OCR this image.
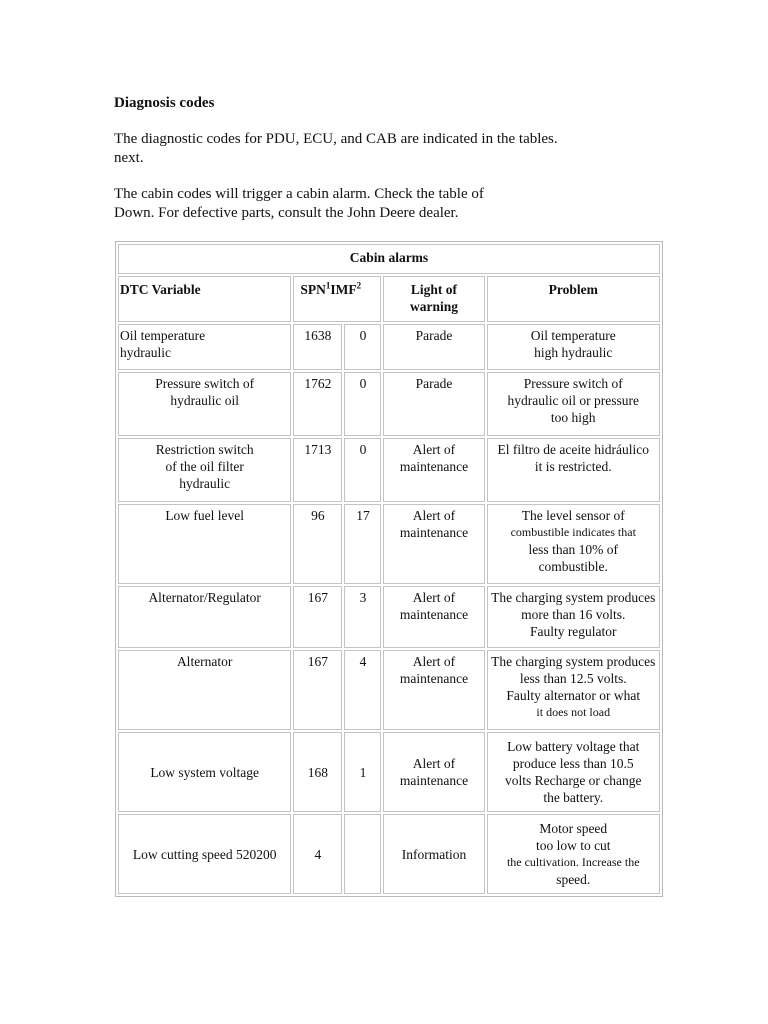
Diagnosis codes

The diagnostic codes for PDU, ECU, and CAB are indicated in the tables.
next.

The cabin codes will trigger a cabin alarm. Check the table of
Down. For defective parts, consult the John Deere dealer.

Cabin alarms				
DTC Variable	SPN$^1$IMF$^2$		Light of
warning	Problem

Oil temperature
hydraulic	1638	0	Parade	Oil temperature
high hydraulic

Pressure switch of
hydraulic oil	1762	0	Parade	Pressure switch of
hydraulic oil or pressure
too high

Restriction switch
of the oil filter
hydraulic	1713	0	Alert of
maintenance	El filtro de aceite hidráulico
it is restricted.

Low fuel level	96	17	Alert of
maintenance	The level sensor of
combustible indicates that
less than 10% of
combustible.

Alternator/Regulator	167	3	Alert of
maintenance	The charging system produces
more than 16 volts.
Faulty regulator

Alternator	167	4	Alert of
maintenance	The charging system produces
less than 12.5 volts.
Faulty alternator or what
it does not load

Low system voltage	168	1	Alert of
maintenance	Low battery voltage that
produce less than 10.5
volts Recharge or change
the battery.

Low cutting speed 520200	4		Information	Motor speed
too low to cut
the cultivation. Increase the
speed.
